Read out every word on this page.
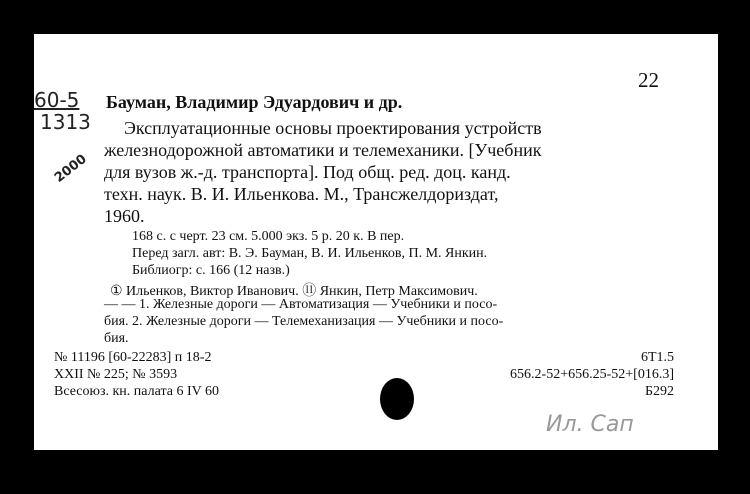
22
60-5
1313
2000
Бауман, Владимир Эдуардович и др.
Эксплуатационные основы проектирования устройств
железнодорожной автоматики и телемеханики. [Учебник
для вузов ж.-д. транспорта]. Под общ. ред. доц. канд.
техн. наук. В. И. Ильенкова. М., Трансжелдориздат,
1960.
168 с. с черт. 23 см. 5.000 экз. 5 р. 20 к. В пер.
Перед загл. авт: В. Э. Бауман, В. И. Ильенков, П. М. Янкин.
Библиогр: с. 166 (12 назв.)
① Ильенков, Виктор Иванович. ⑪ Янкин, Петр Максимович.
— — 1. Железные дороги — Автоматизация — Учебники и посо-
бия. 2. Железные дороги — Телемеханизация — Учебники и посо-
бия.
№ 11196 [60-22283] п 18-2
XXII № 225; № 3593
Всесоюз. кн. палата 6 IV 60
6Т1.5
656.2-52+656.25-52+[016.3]
Б292
Ил. Сап
